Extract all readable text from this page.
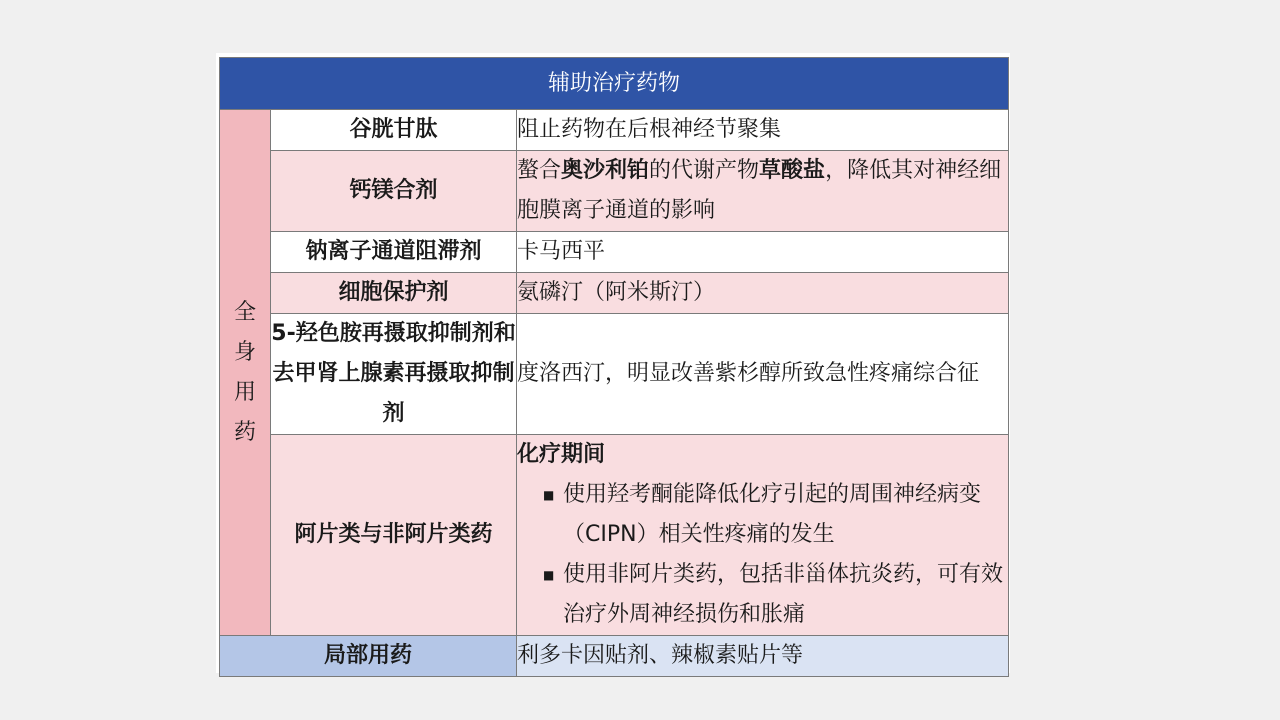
辅助治疗药物		

全
身
用
药	谷胱甘肽	阻止药物在后根神经节聚集
	钙镁合剂	螯合奥沙利铂的代谢产物草酸盐，降低其对神经细胞膜离子通道的影响
	钠离子通道阻滞剂	卡马西平
	细胞保护剂	氨磷汀（阿米斯汀）
	5-羟色胺再摄取抑制剂和去甲肾上腺素再摄取抑制剂	度洛西汀，明显改善紫杉醇所致急性疼痛综合征
	阿片类与非阿片类药	化疗期间
■ 使用羟考酮能降低化疗引起的周围神经病变（CIPN）相关性疼痛的发生
■ 使用非阿片类药，包括非甾体抗炎药，可有效治疗外周神经损伤和胀痛

局部用药		利多卡因贴剂、辣椒素贴片等
